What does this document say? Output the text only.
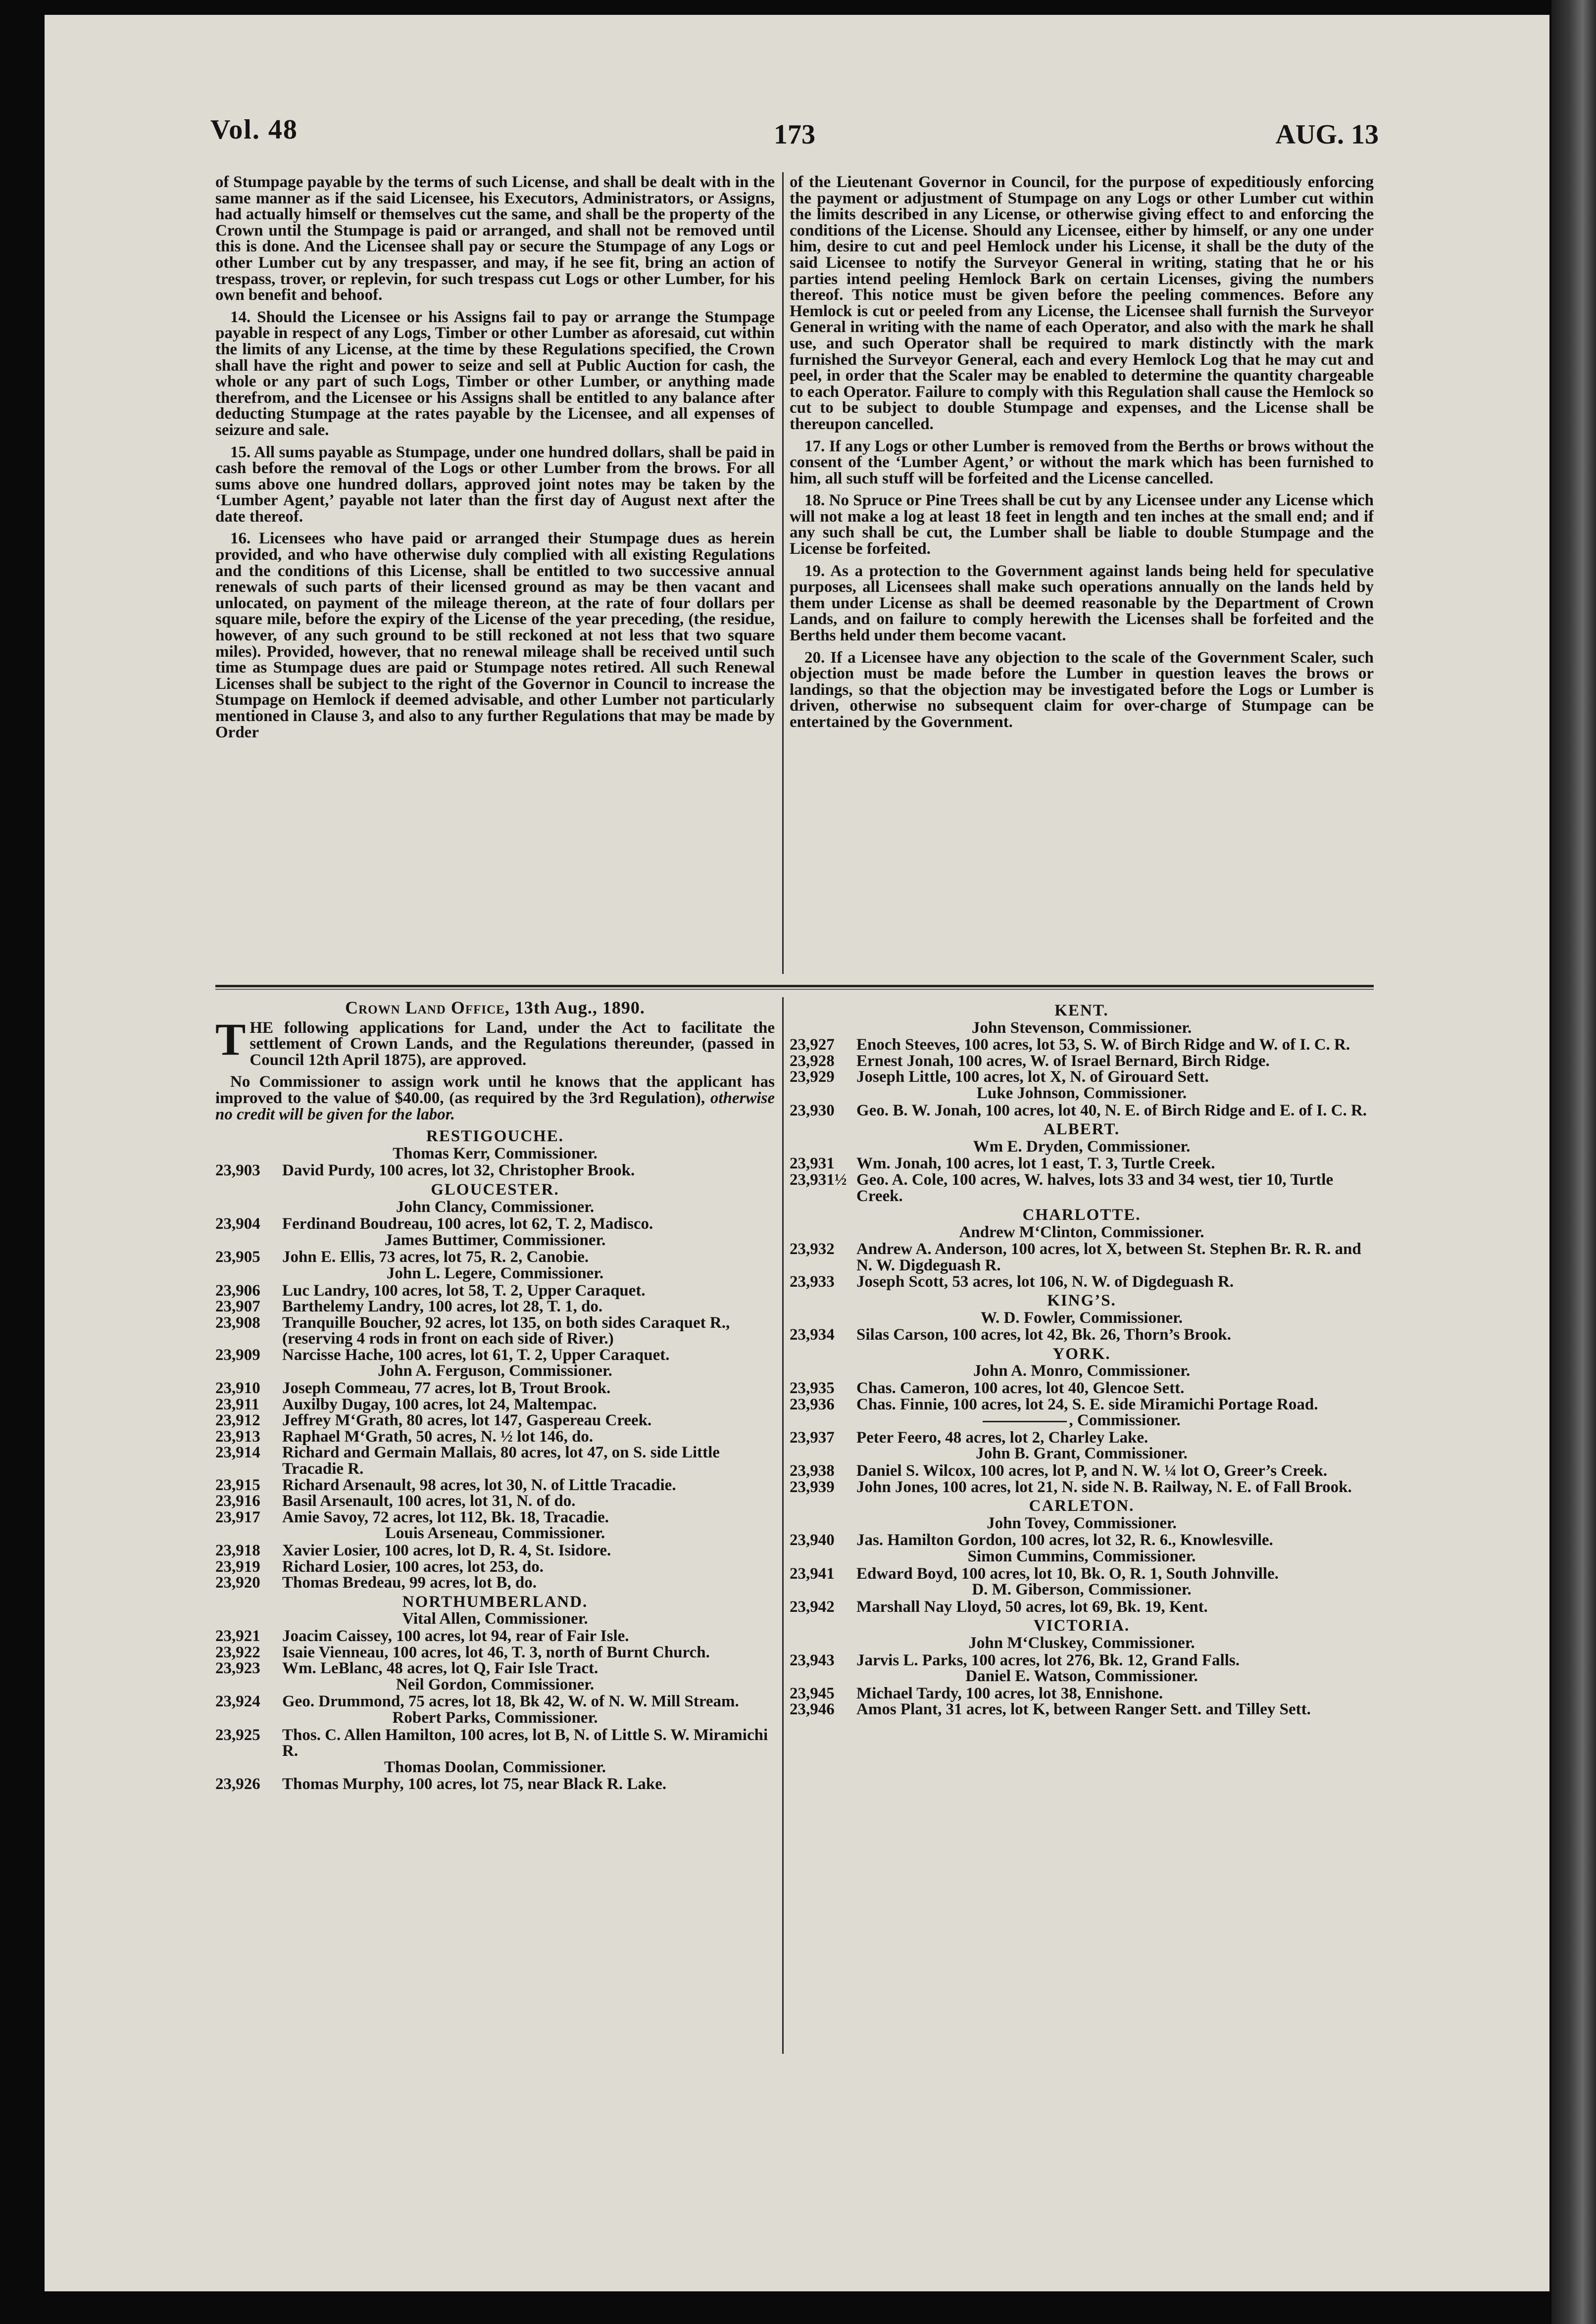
Vol. 48	173	AUG. 13

of Stumpage payable by the terms of such License, and shall be dealt with in the same manner as if the said Licensee, his Executors, Administrators, or Assigns, had actually himself or themselves cut the same, and shall be the property of the Crown until the Stumpage is paid or arranged, and shall not be removed until this is done. And the Licensee shall pay or secure the Stumpage of any Logs or other Lumber cut by any trespasser, and may, if he see fit, bring an action of trespass, trover, or replevin, for such trespass cut Logs or other Lumber, for his own benefit and behoof.

14. Should the Licensee or his Assigns fail to pay or arrange the Stumpage payable in respect of any Logs, Timber or other Lumber as aforesaid, cut within the limits of any License, at the time by these Regulations specified, the Crown shall have the right and power to seize and sell at Public Auction for cash, the whole or any part of such Logs, Timber or other Lumber, or anything made therefrom, and the Licensee or his Assigns shall be entitled to any balance after deducting Stumpage at the rates payable by the Licensee, and all expenses of seizure and sale.

15. All sums payable as Stumpage, under one hundred dollars, shall be paid in cash before the removal of the Logs or other Lumber from the brows. For all sums above one hundred dollars, approved joint notes may be taken by the ‘Lumber Agent,’ payable not later than the first day of August next after the date thereof.

16. Licensees who have paid or arranged their Stumpage dues as herein provided, and who have otherwise duly complied with all existing Regulations and the conditions of this License, shall be entitled to two successive annual renewals of such parts of their licensed ground as may be then vacant and unlocated, on payment of the mileage thereon, at the rate of four dollars per square mile, before the expiry of the License of the year preceding, (the residue, however, of any such ground to be still reckoned at not less that two square miles). Provided, however, that no renewal mileage shall be received until such time as Stumpage dues are paid or Stumpage notes retired. All such Renewal Licenses shall be subject to the right of the Governor in Council to increase the Stumpage on Hemlock if deemed advisable, and other Lumber not particularly mentioned in Clause 3, and also to any further Regulations that may be made by Order

of the Lieutenant Governor in Council, for the purpose of expeditiously enforcing the payment or adjustment of Stumpage on any Logs or other Lumber cut within the limits described in any License, or otherwise giving effect to and enforcing the conditions of the License. Should any Licensee, either by himself, or any one under him, desire to cut and peel Hemlock under his License, it shall be the duty of the said Licensee to notify the Surveyor General in writing, stating that he or his parties intend peeling Hemlock Bark on certain Licenses, giving the numbers thereof. This notice must be given before the peeling commences. Before any Hemlock is cut or peeled from any License, the Licensee shall furnish the Surveyor General in writing with the name of each Operator, and also with the mark he shall use, and such Operator shall be required to mark distinctly with the mark furnished the Surveyor General, each and every Hemlock Log that he may cut and peel, in order that the Scaler may be enabled to determine the quantity chargeable to each Operator. Failure to comply with this Regulation shall cause the Hemlock so cut to be subject to double Stumpage and expenses, and the License shall be thereupon cancelled.

17. If any Logs or other Lumber is removed from the Berths or brows without the consent of the ‘Lumber Agent,’ or without the mark which has been furnished to him, all such stuff will be forfeited and the License cancelled.

18. No Spruce or Pine Trees shall be cut by any Licensee under any License which will not make a log at least 18 feet in length and ten inches at the small end; and if any such shall be cut, the Lumber shall be liable to double Stumpage and the License be forfeited.

19. As a protection to the Government against lands being held for speculative purposes, all Licensees shall make such operations annually on the lands held by them under License as shall be deemed reasonable by the Department of Crown Lands, and on failure to comply herewith the Licenses shall be forfeited and the Berths held under them become vacant.

20. If a Licensee have any objection to the scale of the Government Scaler, such objection must be made before the Lumber in question leaves the brows or landings, so that the objection may be investigated before the Logs or Lumber is driven, otherwise no subsequent claim for over-charge of Stumpage can be entertained by the Government.

Crown Land Office, 13th Aug., 1890.

THE following applications for Land, under the Act to facilitate the settlement of Crown Lands, and the Regulations thereunder, (passed in Council 12th April 1875), are approved.

No Commissioner to assign work until he knows that the applicant has improved to the value of $40.00, (as required by the 3rd Regulation), otherwise no credit will be given for the labor.

RESTIGOUCHE.
Thomas Kerr, Commissioner.
23,903	David Purdy, 100 acres, lot 32, Christopher Brook.
GLOUCESTER.
John Clancy, Commissioner.
23,904	Ferdinand Boudreau, 100 acres, lot 62, T. 2, Madisco.
James Buttimer, Commissioner.
23,905	John E. Ellis, 73 acres, lot 75, R. 2, Canobie.
John L. Legere, Commissioner.
23,906	Luc Landry, 100 acres, lot 58, T. 2, Upper Caraquet.
23,907	Barthelemy Landry, 100 acres, lot 28, T. 1, do.
23,908	Tranquille Boucher, 92 acres, lot 135, on both sides Caraquet R., (reserving 4 rods in front on each side of River.)
23,909	Narcisse Hache, 100 acres, lot 61, T. 2, Upper Caraquet.
John A. Ferguson, Commissioner.
23,910	Joseph Commeau, 77 acres, lot B, Trout Brook.
23,911	Auxilby Dugay, 100 acres, lot 24, Maltempac.
23,912	Jeffrey M‘Grath, 80 acres, lot 147, Gaspereau Creek.
23,913	Raphael M‘Grath, 50 acres, N. ½ lot 146, do.
23,914	Richard and Germain Mallais, 80 acres, lot 47, on S. side Little Tracadie R.
23,915	Richard Arsenault, 98 acres, lot 30, N. of Little Tracadie.
23,916	Basil Arsenault, 100 acres, lot 31, N. of do.
23,917	Amie Savoy, 72 acres, lot 112, Bk. 18, Tracadie.
Louis Arseneau, Commissioner.
23,918	Xavier Losier, 100 acres, lot D, R. 4, St. Isidore.
23,919	Richard Losier, 100 acres, lot 253, do.
23,920	Thomas Bredeau, 99 acres, lot B, do.
NORTHUMBERLAND.
Vital Allen, Commissioner.
23,921	Joacim Caissey, 100 acres, lot 94, rear of Fair Isle.
23,922	Isaie Vienneau, 100 acres, lot 46, T. 3, north of Burnt Church.
23,923	Wm. LeBlanc, 48 acres, lot Q, Fair Isle Tract.
Neil Gordon, Commissioner.
23,924	Geo. Drummond, 75 acres, lot 18, Bk 42, W. of N. W. Mill Stream.
Robert Parks, Commissioner.
23,925	Thos. C. Allen Hamilton, 100 acres, lot B, N. of Little S. W. Miramichi R.
Thomas Doolan, Commissioner.
23,926	Thomas Murphy, 100 acres, lot 75, near Black R. Lake.
KENT.
John Stevenson, Commissioner.
23,927	Enoch Steeves, 100 acres, lot 53, S. W. of Birch Ridge and W. of I. C. R.
23,928	Ernest Jonah, 100 acres, W. of Israel Bernard, Birch Ridge.
23,929	Joseph Little, 100 acres, lot X, N. of Girouard Sett.
Luke Johnson, Commissioner.
23,930	Geo. B. W. Jonah, 100 acres, lot 40, N. E. of Birch Ridge and E. of I. C. R.
ALBERT.
Wm E. Dryden, Commissioner.
23,931	Wm. Jonah, 100 acres, lot 1 east, T. 3, Turtle Creek.
23,931½ Geo. A. Cole, 100 acres, W. halves, lots 33 and 34 west, tier 10, Turtle Creek.
CHARLOTTE.
Andrew M‘Clinton, Commissioner.
23,932	Andrew A. Anderson, 100 acres, lot X, between St. Stephen Br. R. R. and N. W. Digdeguash R.
23,933	Joseph Scott, 53 acres, lot 106, N. W. of Digdeguash R.
KING’S.
W. D. Fowler, Commissioner.
23,934	Silas Carson, 100 acres, lot 42, Bk. 26, Thorn’s Brook.
YORK.
John A. Monro, Commissioner.
23,935	Chas. Cameron, 100 acres, lot 40, Glencoe Sett.
23,936	Chas. Finnie, 100 acres, lot 24, S. E. side Miramichi Portage Road.
, Commissioner.
23,937	Peter Feero, 48 acres, lot 2, Charley Lake.
John B. Grant, Commissioner.
23,938	Daniel S. Wilcox, 100 acres, lot P, and N. W. ¼ lot O, Greer’s Creek.
23,939	John Jones, 100 acres, lot 21, N. side N. B. Railway, N. E. of Fall Brook.
CARLETON.
John Tovey, Commissioner.
23,940	Jas. Hamilton Gordon, 100 acres, lot 32, R. 6., Knowlesville.
Simon Cummins, Commissioner.
23,941	Edward Boyd, 100 acres, lot 10, Bk. O, R. 1, South Johnville.
D. M. Giberson, Commissioner.
23,942	Marshall Nay Lloyd, 50 acres, lot 69, Bk. 19, Kent.
VICTORIA.
John M‘Cluskey, Commissioner.
23,943	Jarvis L. Parks, 100 acres, lot 276, Bk. 12, Grand Falls.
Daniel E. Watson, Commissioner.
23,945	Michael Tardy, 100 acres, lot 38, Ennishone.
23,946	Amos Plant, 31 acres, lot K, between Ranger Sett. and Tilley Sett.
